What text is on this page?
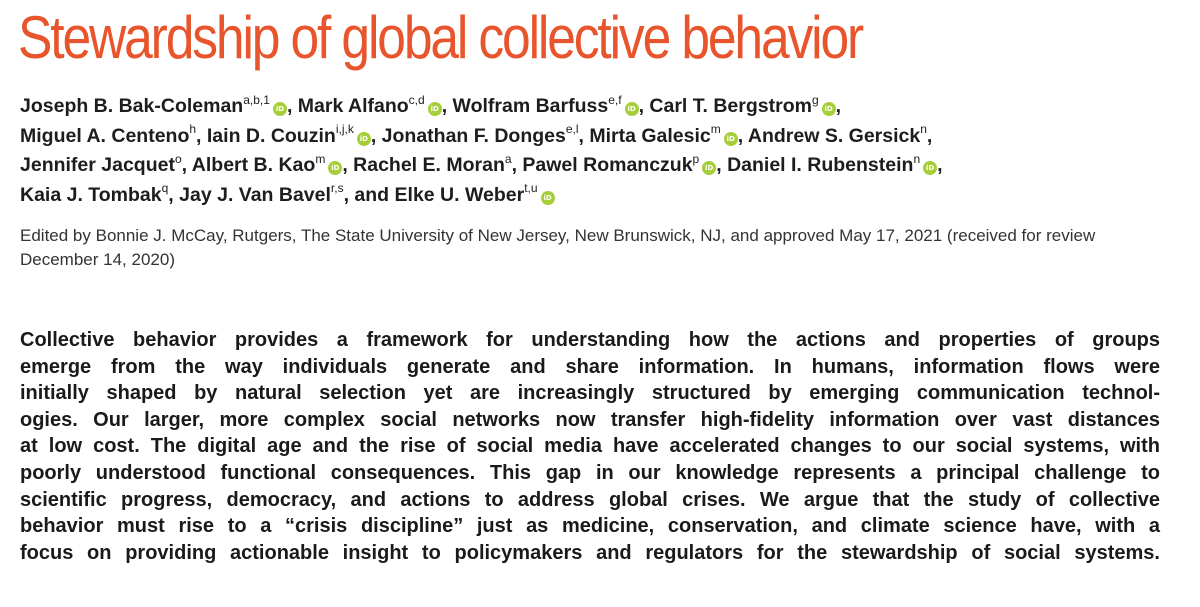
Stewardship of global collective behavior
Joseph B. Bak-Coleman$^{a,b,1}$iD , Mark Alfano$^{c,d}$iD , Wolfram Barfuss$^{e,f}$iD , Carl T. Bergstrom$^g$iD ,
Miguel A. Centeno$^h$, Iain D. Couzin$^{i,j,k}$iD , Jonathan F. Donges$^{e,l}$, Mirta Galesic$^m$iD , Andrew S. Gersick$^n$,
Jennifer Jacquet$^o$, Albert B. Kao$^m$iD , Rachel E. Moran$^a$, Pawel Romanczuk$^p$iD , Daniel I. Rubenstein$^n$iD ,
Kaia J. Tombak$^q$, Jay J. Van Bavel$^{r,s}$, and Elke U. Weber$^{t,u}$iD
Edited by Bonnie J. McCay, Rutgers, The State University of New Jersey, New Brunswick, NJ, and approved May 17, 2021 (received for review December 14, 2020)
Collective behavior provides a framework for understanding how the actions and properties of groups
emerge from the way individuals generate and share information. In humans, information flows were
initially shaped by natural selection yet are increasingly structured by emerging communication technol-
ogies. Our larger, more complex social networks now transfer high-fidelity information over vast distances
at low cost. The digital age and the rise of social media have accelerated changes to our social systems, with
poorly understood functional consequences. This gap in our knowledge represents a principal challenge to
scientific progress, democracy, and actions to address global crises. We argue that the study of collective
behavior must rise to a “crisis discipline” just as medicine, conservation, and climate science have, with a
focus on providing actionable insight to policymakers and regulators for the stewardship of social systems.
